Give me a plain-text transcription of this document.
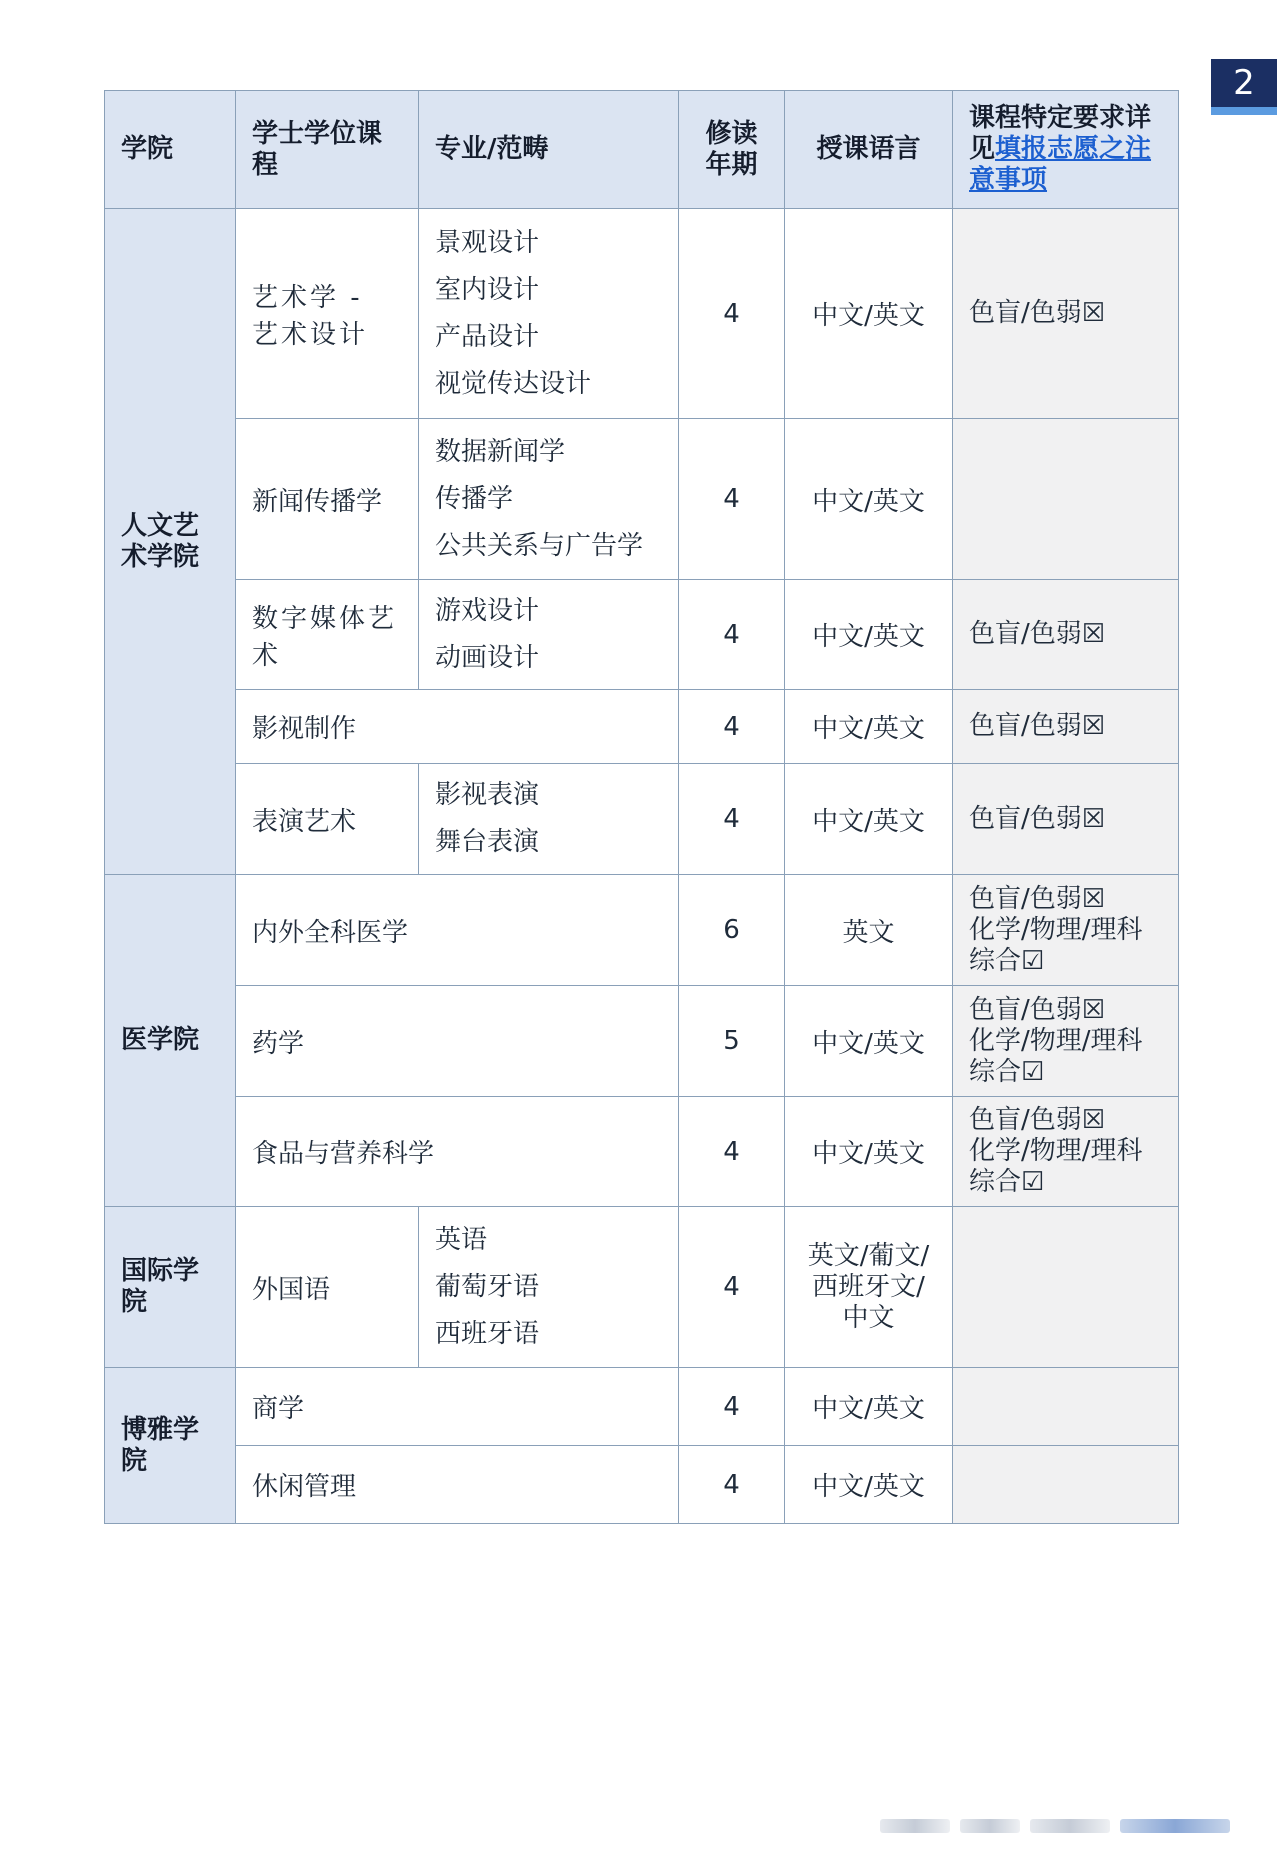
2
学院	学士学位课程	专业/范畴	修读年期	授课语言	课程特定要求详见填报志愿之注意事项
人文艺术学院	艺术学 - 艺术设计	景观设计
室内设计
产品设计
视觉传达设计	4	中文/英文	色盲/色弱☒

	新闻传播学	数据新闻学
传播学
公共关系与广告学	4	中文/英文	
	数字媒体艺术	游戏设计
动画设计	4	中文/英文	色盲/色弱☒

	影视制作		4	中文/英文	色盲/色弱☒

	表演艺术	影视表演
舞台表演	4	中文/英文	色盲/色弱☒

医学院	内外全科医学		6	英文	色盲/色弱☒
化学/物理/理科
综合☑

	药学		5	中文/英文	色盲/色弱☒
化学/物理/理科
综合☑

	食品与营养科学		4	中文/英文	色盲/色弱☒
化学/物理/理科
综合☑

国际学院	外国语	英语
葡萄牙语
西班牙语	4	英文/葡文/西班牙文/中文	
博雅学院	商学		4	中文/英文	
	休闲管理		4	中文/英文	
